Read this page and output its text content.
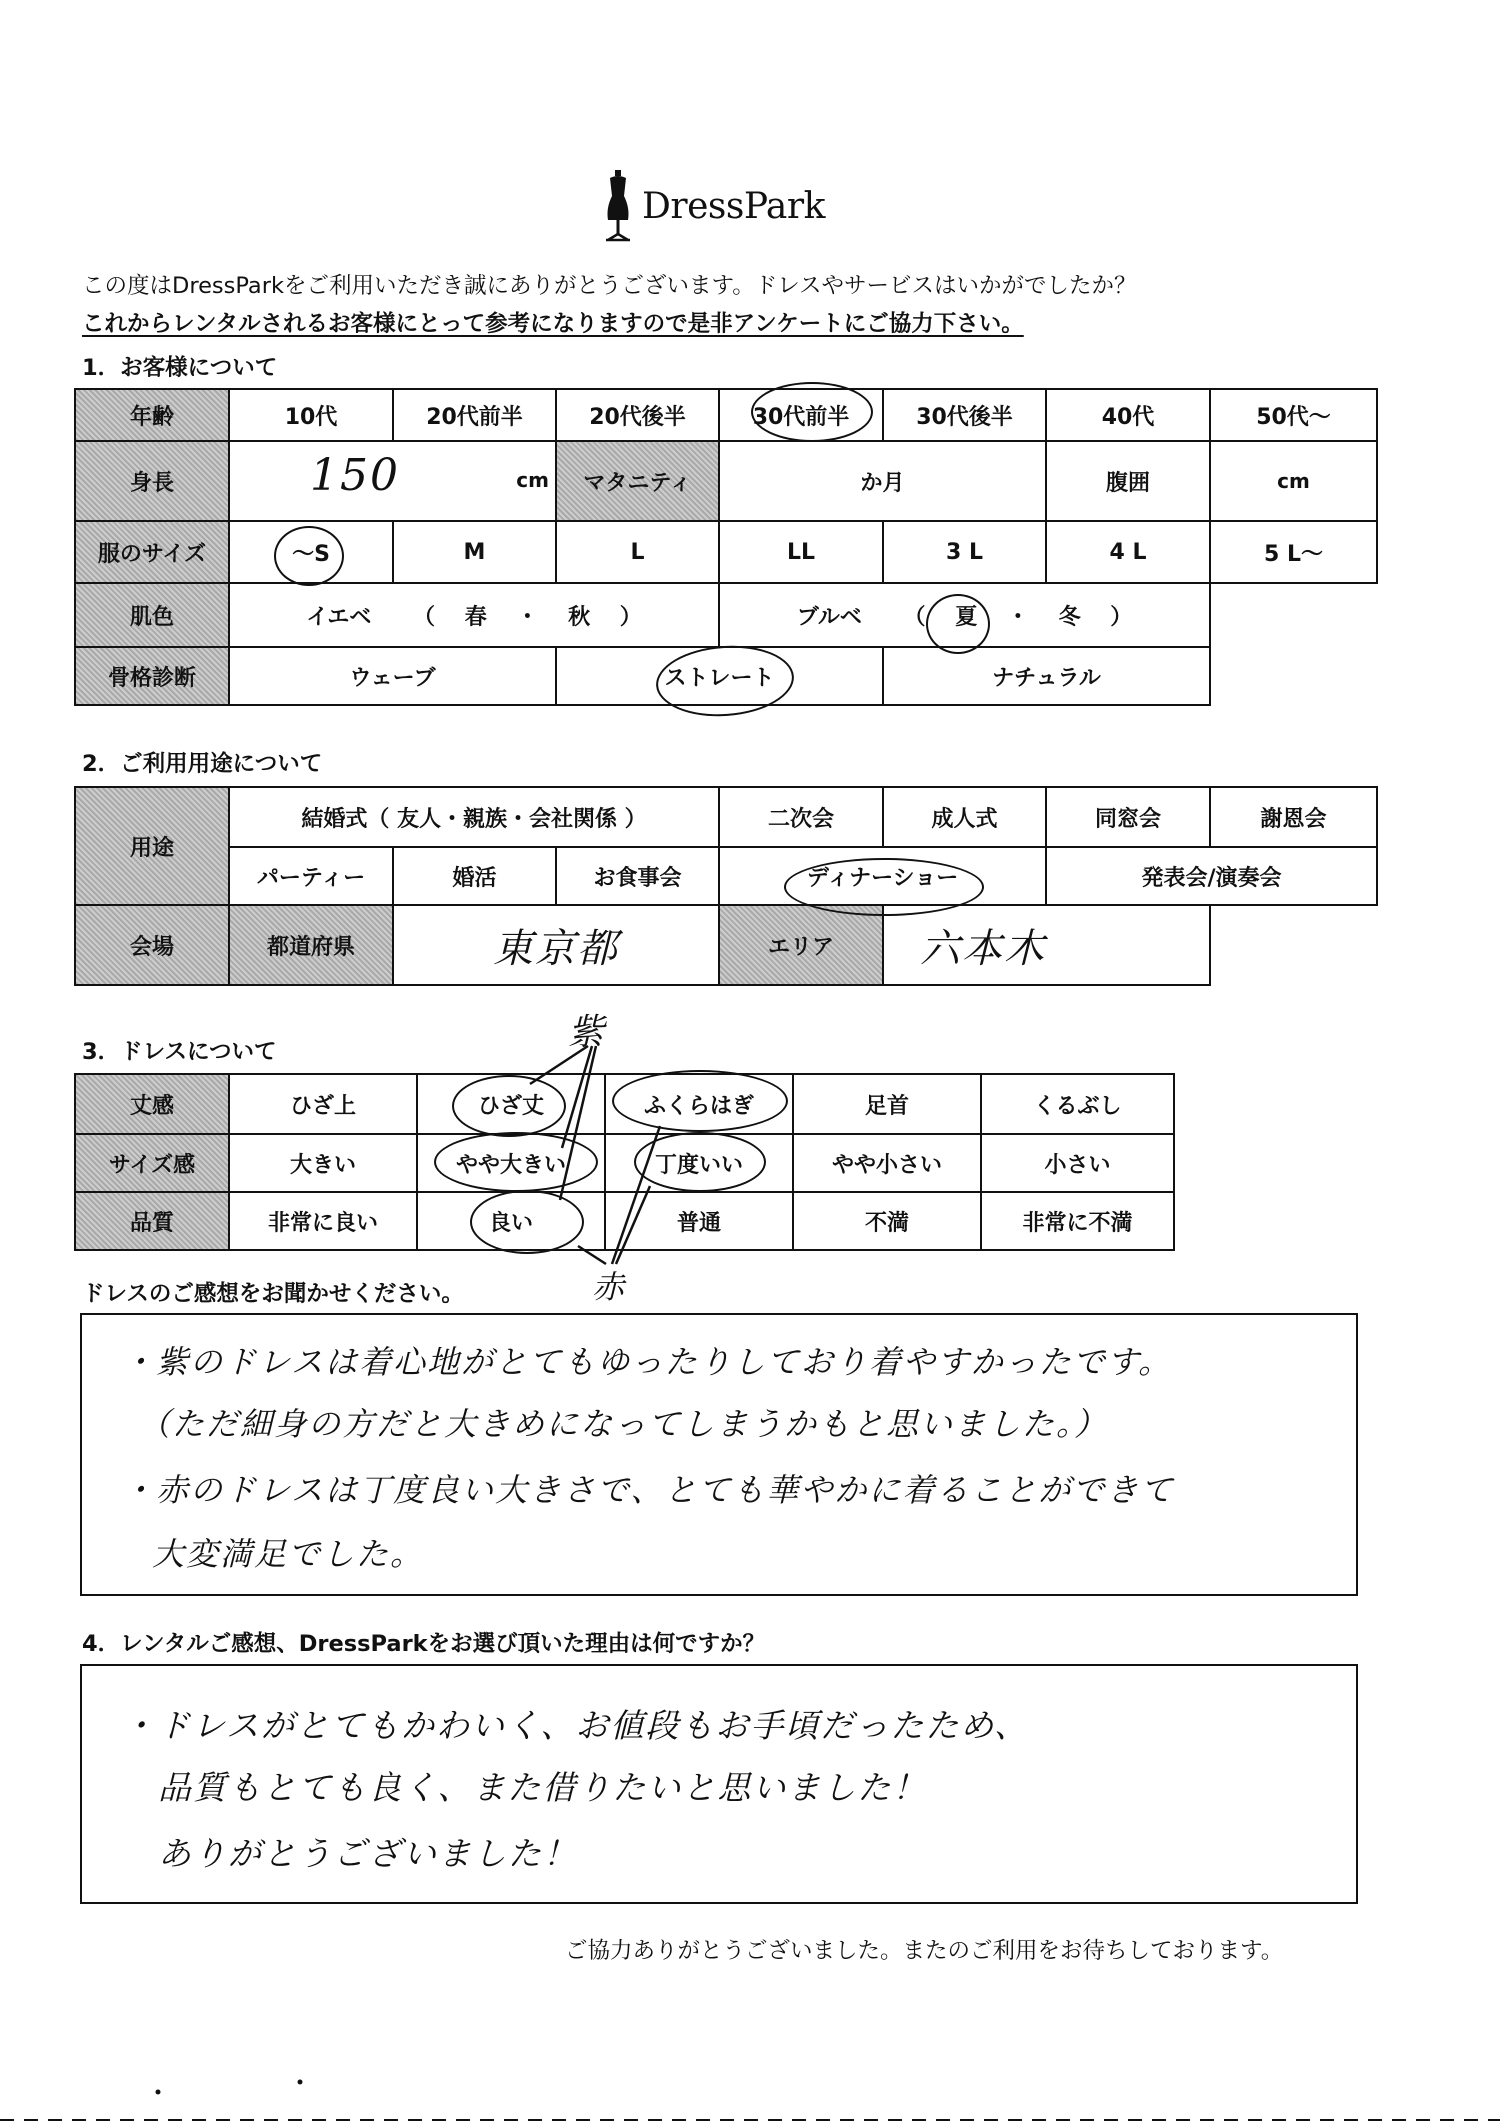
DressPark
この度はDressParkをご利用いただき誠にありがとうございます。ドレスやサービスはいかがでしたか？
これからレンタルされるお客様にとって参考になりますので是非アンケートにご協力下さい。
1．お客様について
年齢	10代	20代前半	20代後半	30代前半	30代後半	40代	50代～
身長	150 cm		マタニティ	か月		腹囲	cm
服のサイズ	～S	M	L	LL	3 L	4 L	5 L～
肌色	イエベ （ 春 ・ 秋 ）			ブルベ （ 夏 ・ 冬 ）			
骨格診断	ウェーブ		ストレート		ナチュラル		
2．ご利用用途について
用途	結婚式（ 友人・親族・会社関係 ）			二次会	成人式	同窓会	謝恩会
	パーティー	婚活	お食事会	ディナーショー		発表会/演奏会	
会場	都道府県	東京都		エリア	六本木		
3．ドレスについて
丈感	ひざ上	ひざ丈	ふくらはぎ	足首	くるぶし
サイズ感	大きい	やや大きい	丁度いい	やや小さい	小さい
品質	非常に良い	良い	普通	不満	非常に不満
紫
赤
ドレスのご感想をお聞かせください。
・紫のドレスは着心地がとてもゆったりしており着やすかったです。
（ただ細身の方だと大きめになってしまうかもと思いました。）
・赤のドレスは丁度良い大きさで、とても華やかに着ることができて
大変満足でした。
4．レンタルご感想、DressParkをお選び頂いた理由は何ですか？
・ドレスがとてもかわいく、お値段もお手頃だったため、
品質もとても良く、また借りたいと思いました！
ありがとうございました！
ご協力ありがとうございました。またのご利用をお待ちしております。
